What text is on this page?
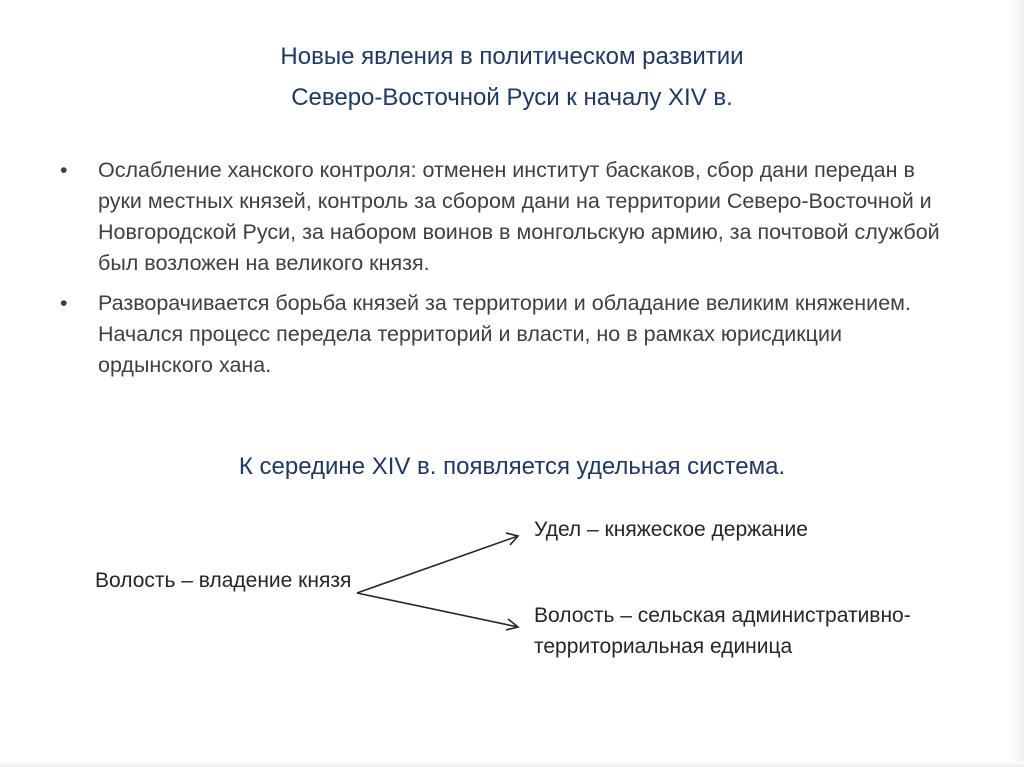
Новые явления в политическом развитии
Северо-Восточной Руси к началу XIV в.
• Ослабление ханского контроля: отменен институт баскаков, сбор дани передан в руки местных князей, контроль за сбором дани на территории Северо-Восточной и Новгородской Руси, за набором воинов в монгольскую армию, за почтовой службой был возложен на великого князя.
• Разворачивается борьба князей за территории и обладание великим княжением. Начался процесс передела территорий и власти, но в рамках юрисдикции ордынского хана.
К середине XIV в. появляется удельная система.
Волость – владение князя
Удел – княжеское держание
Волость – сельская административно-территориальная единица
